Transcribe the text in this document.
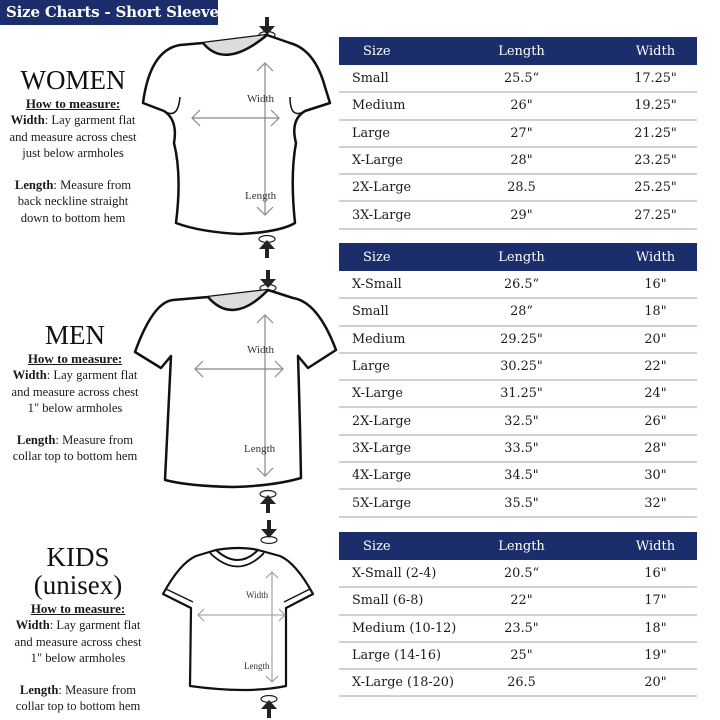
Size Charts - Short Sleeve
WOMEN
How to measure:

Width: Lay garment flat

and measure across chest

just below armholes

Length: Measure from

back neckline straight

down to bottom hem

Width
Length
Size	Length	Width
Small	25.5“	17.25"
Medium	26"	19.25"
Large	27"	21.25"
X-Large	28"	23.25"
2X-Large	28.5	25.25"
3X-Large	29"	27.25"
MEN
How to measure:

Width: Lay garment flat

and measure across chest

1" below armholes

Length: Measure from

collar top to bottom hem

Width
Length
Size	Length	Width
X-Small	26.5“	16"
Small	28“	18"
Medium	29.25"	20"
Large	30.25"	22"
X-Large	31.25"	24"
2X-Large	32.5"	26"
3X-Large	33.5"	28"
4X-Large	34.5"	30"
5X-Large	35.5"	32"
KIDS
(unisex)
How to measure:

Width: Lay garment flat

and measure across chest

1" below armholes

Length: Measure from

collar top to bottom hem

Width
Length
Size	Length	Width
X-Small (2-4)	20.5“	16"
Small (6-8)	22"	17"
Medium (10-12)	23.5"	18"
Large (14-16)	25"	19"
X-Large (18-20)	26.5	20"
